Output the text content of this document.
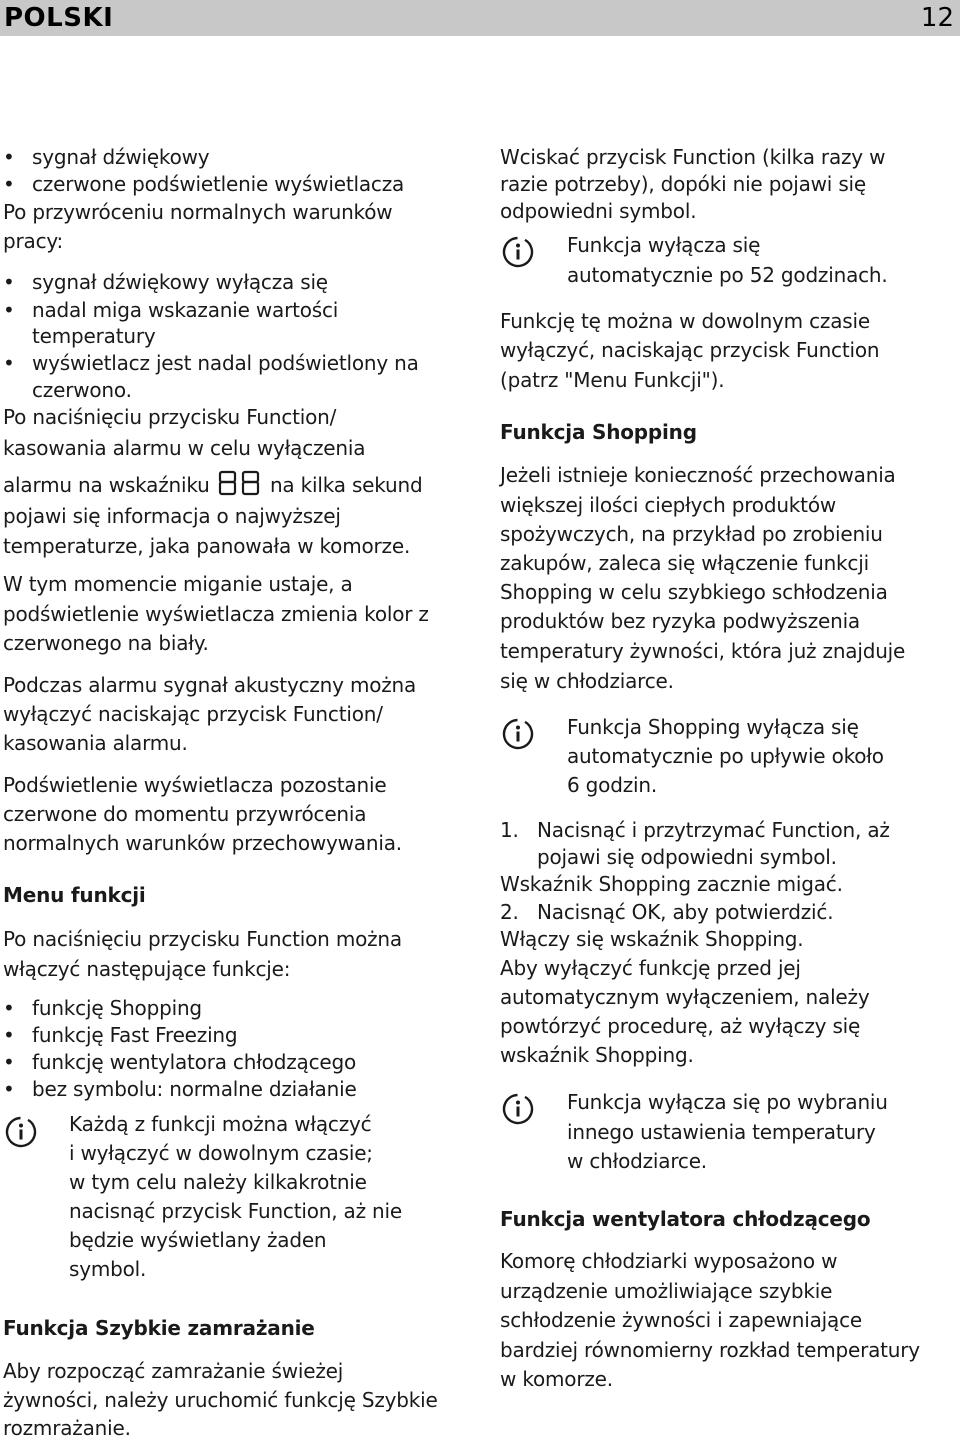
POLSKI	12
• sygnał dźwiękowy
• czerwone podświetlenie wyświetlacza
Po przywróceniu normalnych warunków
pracy:
• sygnał dźwiękowy wyłącza się
• nadal miga wskazanie wartości
temperatury
• wyświetlacz jest nadal podświetlony na
czerwono.
Po naciśnięciu przycisku Function/
kasowania alarmu w celu wyłączenia
alarmu na wskaźniku	na kilka sekund
pojawi się informacja o najwyższej
temperaturze, jaka panowała w komorze.
W tym momencie miganie ustaje, a
podświetlenie wyświetlacza zmienia kolor z
czerwonego na biały.
Podczas alarmu sygnał akustyczny można
wyłączyć naciskając przycisk Function/
kasowania alarmu.
Podświetlenie wyświetlacza pozostanie
czerwone do momentu przywrócenia
normalnych warunków przechowywania.
Menu funkcji
Po naciśnięciu przycisku Function można
włączyć następujące funkcje:
• funkcję Shopping
• funkcję Fast Freezing
• funkcję wentylatora chłodzącego
• bez symbolu: normalne działanie
Każdą z funkcji można włączyć
i wyłączyć w dowolnym czasie;
w tym celu należy kilkakrotnie
nacisnąć przycisk Function, aż nie
będzie wyświetlany żaden
symbol.
Funkcja Szybkie zamrażanie
Aby rozpocząć zamrażanie świeżej
żywności, należy uruchomić funkcję Szybkie
rozmrażanie.
Wciskać przycisk Function (kilka razy w
razie potrzeby), dopóki nie pojawi się
odpowiedni symbol.
Funkcja wyłącza się
automatycznie po 52 godzinach.
Funkcję tę można w dowolnym czasie
wyłączyć, naciskając przycisk Function
(patrz "Menu Funkcji").
Funkcja Shopping
Jeżeli istnieje konieczność przechowania
większej ilości ciepłych produktów
spożywczych, na przykład po zrobieniu
zakupów, zaleca się włączenie funkcji
Shopping w celu szybkiego schłodzenia
produktów bez ryzyka podwyższenia
temperatury żywności, która już znajduje
się w chłodziarce.
Funkcja Shopping wyłącza się
automatycznie po upływie około
6 godzin.
1. Nacisnąć i przytrzymać Function, aż
pojawi się odpowiedni symbol.
Wskaźnik Shopping zacznie migać.
2. Nacisnąć OK, aby potwierdzić.
Włączy się wskaźnik Shopping.
Aby wyłączyć funkcję przed jej
automatycznym wyłączeniem, należy
powtórzyć procedurę, aż wyłączy się
wskaźnik Shopping.
Funkcja wyłącza się po wybraniu
innego ustawienia temperatury
w chłodziarce.
Funkcja wentylatora chłodzącego
Komorę chłodziarki wyposażono w
urządzenie umożliwiające szybkie
schłodzenie żywności i zapewniające
bardziej równomierny rozkład temperatury
w komorze.
